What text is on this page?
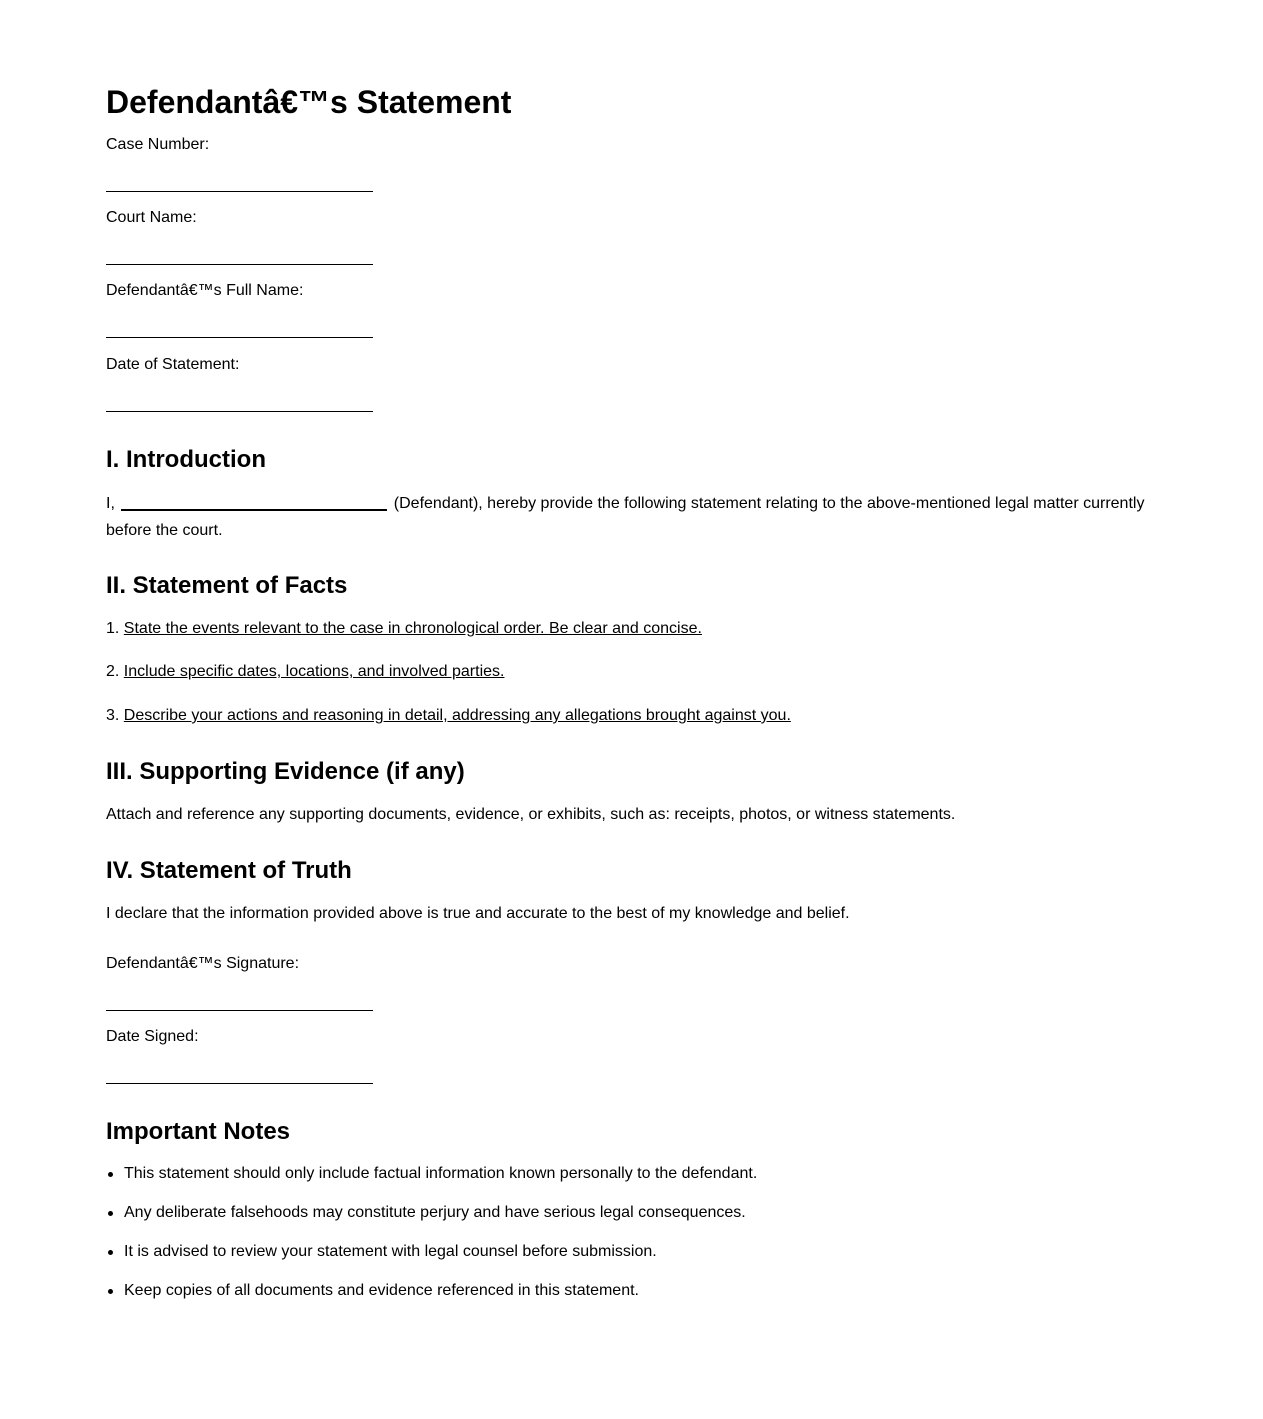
Defendantâ€™s Statement
Case Number:
Court Name:
Defendantâ€™s Full Name:
Date of Statement:
I. Introduction
I,	(Defendant), hereby provide the following statement relating to the above-mentioned legal matter currently before the court.
II. Statement of Facts
1. State the events relevant to the case in chronological order. Be clear and concise.
2. Include specific dates, locations, and involved parties.
3. Describe your actions and reasoning in detail, addressing any allegations brought against you.
III. Supporting Evidence (if any)
Attach and reference any supporting documents, evidence, or exhibits, such as: receipts, photos, or witness statements.
IV. Statement of Truth
I declare that the information provided above is true and accurate to the best of my knowledge and belief.
Defendantâ€™s Signature:
Date Signed:
Important Notes
This statement should only include factual information known personally to the defendant.
Any deliberate falsehoods may constitute perjury and have serious legal consequences.
It is advised to review your statement with legal counsel before submission.
Keep copies of all documents and evidence referenced in this statement.
